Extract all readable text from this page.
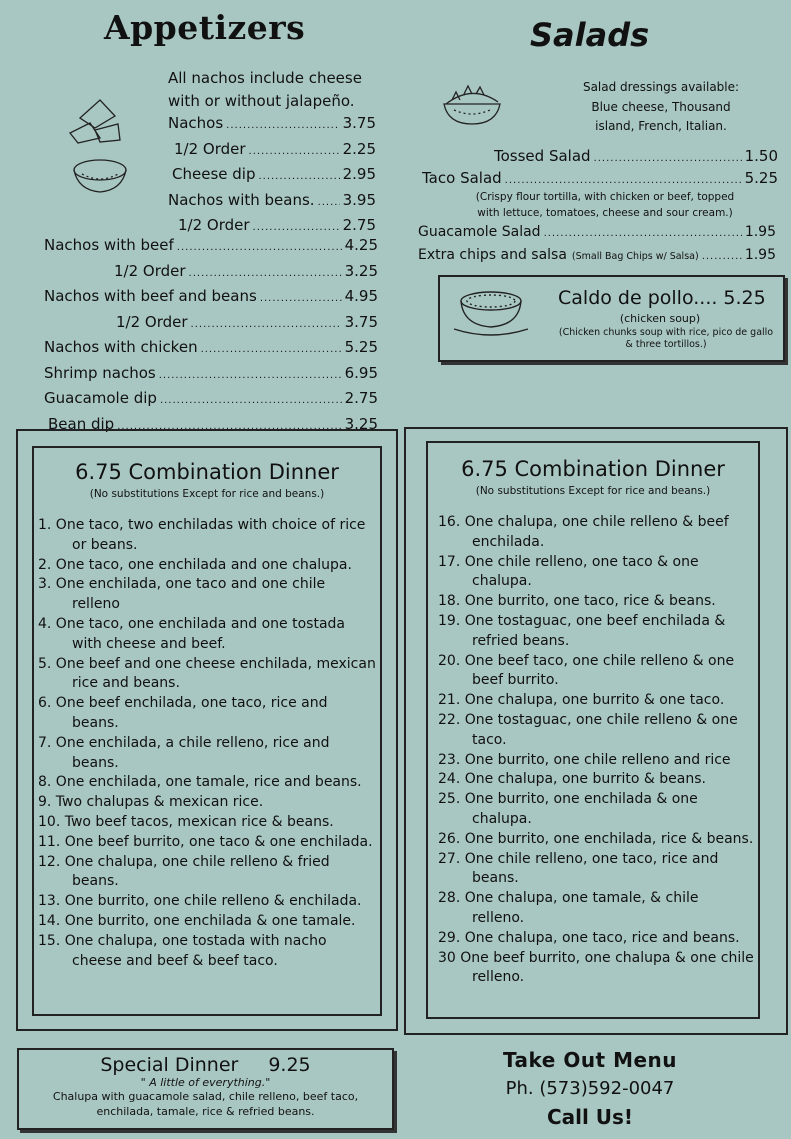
Appetizers
All nachos include cheese
with or without jalapeño.
Nachos .....	3.75
1/2 Order .....	2.25
Cheese dip .....	2.95
Nachos with beans. ..... 3.95
1/2 Order .....	2.75
Nachos with beef .....	4.25
1/2 Order .....	3.25
Nachos with beef and beans .....	4.95
1/2 Order .....	3.75
Nachos with chicken .....	5.25
Shrimp nachos .....	6.95
Guacamole dip .....	2.75
Bean dip .....	3.25
Salads
Salad dressings available:
Blue cheese, Thousand
island, French, Italian.
Tossed Salad .....	1.50
Taco Salad .....	5.25
(Crispy flour tortilla, with chicken or beef, topped
with lettuce, tomatoes, cheese and sour cream.)
Guacamole Salad .....	1.95
Extra chips and salsa (Small Bag Chips w/ Salsa) .....	1.95
Caldo de pollo.... 5.25
(chicken soup)
(Chicken chunks soup with rice, pico de gallo
& three tortillos.)
6.75 Combination Dinner
(No substitutions Except for rice and beans.)
1. One taco, two enchiladas with choice of rice or beans.
2. One taco, one enchilada and one chalupa.
3. One enchilada, one taco and one chile relleno
4. One taco, one enchilada and one tostada with cheese and beef.
5. One beef and one cheese enchilada, mexican rice and beans.
6. One beef enchilada, one taco, rice and beans.
7. One enchilada, a chile relleno, rice and beans.
8. One enchilada, one tamale, rice and beans.
9. Two chalupas & mexican rice.
10. Two beef tacos, mexican rice & beans.
11. One beef burrito, one taco & one enchilada.
12. One chalupa, one chile relleno & fried beans.
13. One burrito, one chile relleno & enchilada.
14. One burrito, one enchilada & one tamale.
15. One chalupa, one tostada with nacho cheese and beef & beef taco.
6.75 Combination Dinner
(No substitutions Except for rice and beans.)
16. One chalupa, one chile relleno & beef enchilada.
17. One chile relleno, one taco & one chalupa.
18. One burrito, one taco, rice & beans.
19. One tostaguac, one beef enchilada & refried beans.
20. One beef taco, one chile relleno & one beef burrito.
21. One chalupa, one burrito & one taco.
22. One tostaguac, one chile relleno & one taco.
23. One burrito, one chile relleno and rice
24. One chalupa, one burrito & beans.
25. One burrito, one enchilada & one chalupa.
26. One burrito, one enchilada, rice & beans.
27. One chile relleno, one taco, rice and beans.
28. One chalupa, one tamale, & chile relleno.
29. One chalupa, one taco, rice and beans.
30 One beef burrito, one chalupa & one chile relleno.
Special Dinner 9.25
" A little of everything."
Chalupa with guacamole salad, chile relleno, beef taco,
enchilada, tamale, rice & refried beans.
Take Out Menu
Ph. (573)592-0047
Call Us!
